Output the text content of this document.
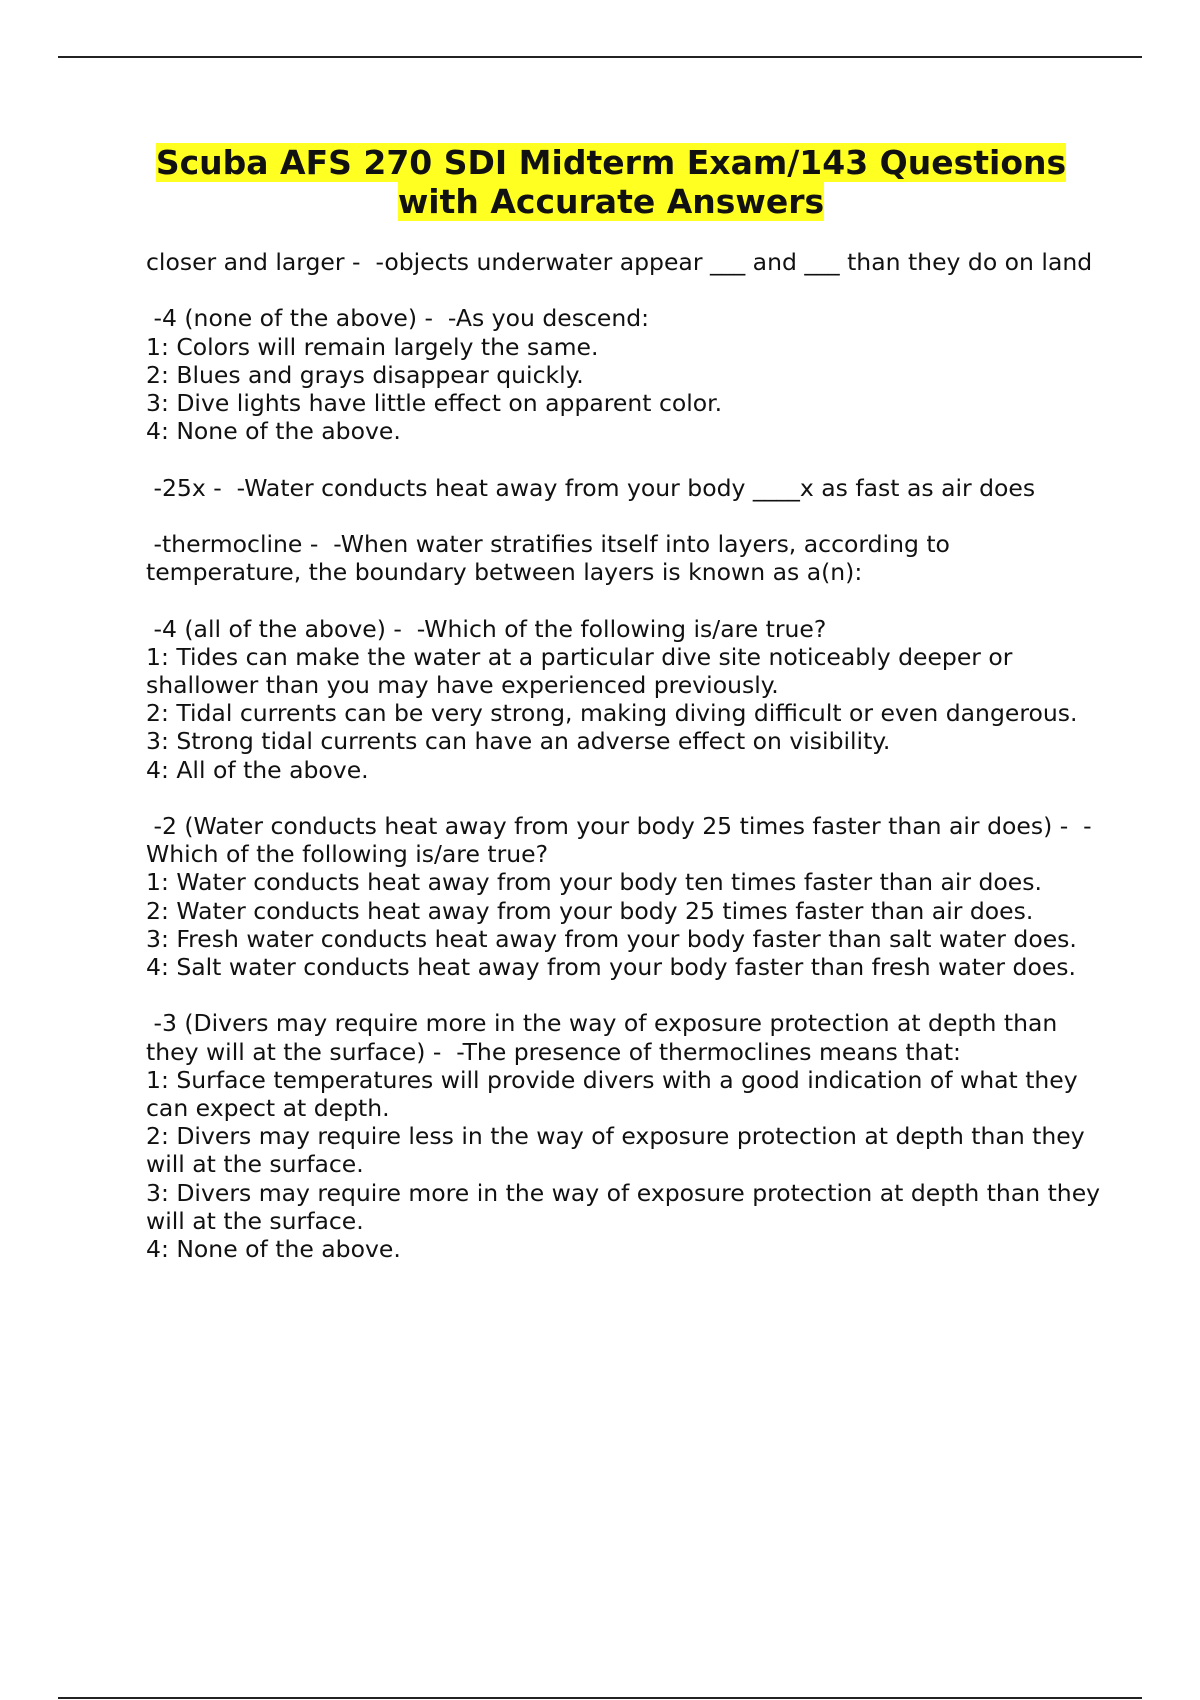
Scuba AFS 270 SDI Midterm Exam/143 Questions with Accurate Answers
closer and larger -  -objects underwater appear ___ and ___ than they do on land
-4 (none of the above) -  -As you descend:
1: Colors will remain largely the same.
2: Blues and grays disappear quickly.
3: Dive lights have little effect on apparent color.
4: None of the above.
-25x -  -Water conducts heat away from your body ____x as fast as air does
-thermocline -  -When water stratifies itself into layers, according to temperature, the boundary between layers is known as a(n):
-4 (all of the above) -  -Which of the following is/are true?
1: Tides can make the water at a particular dive site noticeably deeper or shallower than you may have experienced previously.
2: Tidal currents can be very strong, making diving difficult or even dangerous.
3: Strong tidal currents can have an adverse effect on visibility.
4: All of the above.
-2 (Water conducts heat away from your body 25 times faster than air does) -  -Which of the following is/are true?
1: Water conducts heat away from your body ten times faster than air does.
2: Water conducts heat away from your body 25 times faster than air does.
3: Fresh water conducts heat away from your body faster than salt water does.
4: Salt water conducts heat away from your body faster than fresh water does.
-3 (Divers may require more in the way of exposure protection at depth than they will at the surface) -  -The presence of thermoclines means that:
1: Surface temperatures will provide divers with a good indication of what they can expect at depth.
2: Divers may require less in the way of exposure protection at depth than they will at the surface.
3: Divers may require more in the way of exposure protection at depth than they will at the surface.
4: None of the above.
